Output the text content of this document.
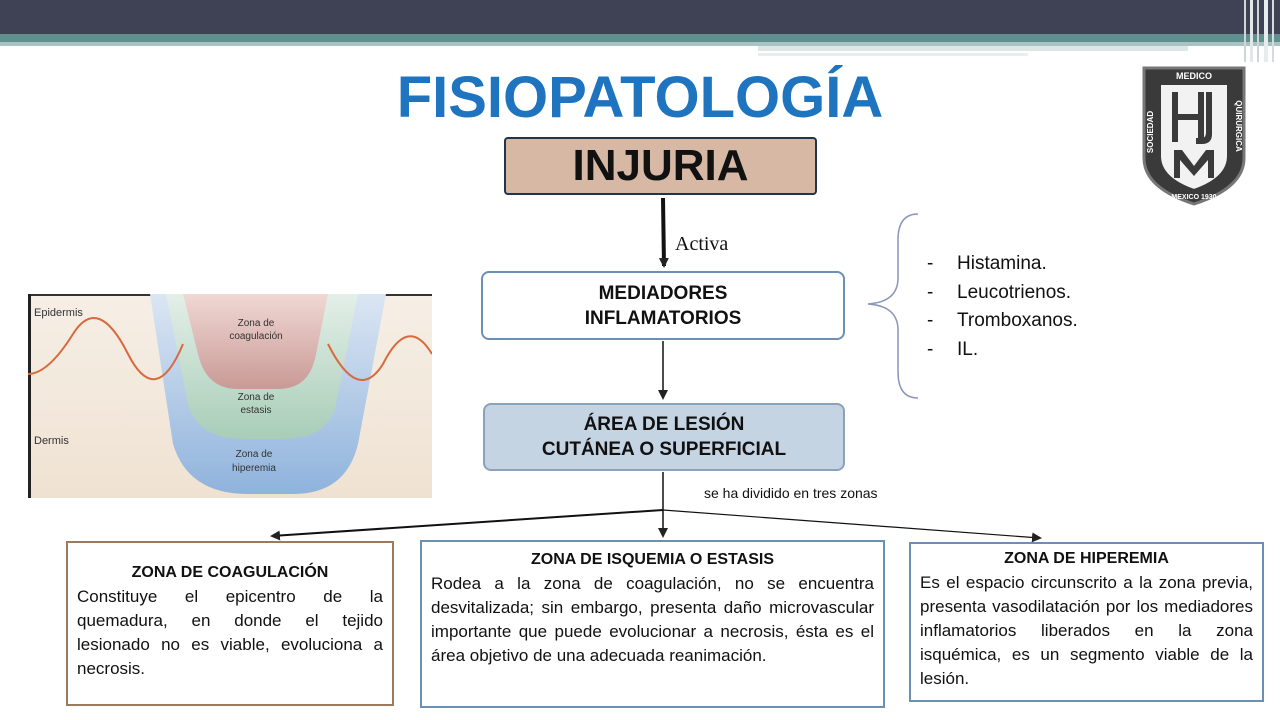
FISIOPATOLOGÍA	MEDICO
SOCIEDAD	QUIRURGICA
MEXICO 1930
INJURIA
Activa
MEDIADORES
INFLAMATORIOS
- Histamina.
- Leucotrienos.
- Tromboxanos.
- IL.
ÁREA DE LESIÓN
CUTÁNEA O SUPERFICIAL
se ha dividido en tres zonas
Epidermis
Dermis
Zona de
coagulación
Zona de
estasis
Zona de
hiperemia
ZONA DE COAGULACIÓN
Constituye el epicentro de la quemadura, en donde el tejido lesionado no es viable, evoluciona a necrosis.
ZONA DE ISQUEMIA O ESTASIS
Rodea a la zona de coagulación, no se encuentra desvitalizada; sin embargo, presenta daño microvascular importante que puede evolucionar a necrosis, ésta es el área objetivo de una adecuada reanimación.
ZONA DE HIPEREMIA
Es el espacio circunscrito a la zona previa, presenta vasodilatación por los mediadores inflamatorios liberados en la zona isquémica, es un segmento viable de la lesión.
